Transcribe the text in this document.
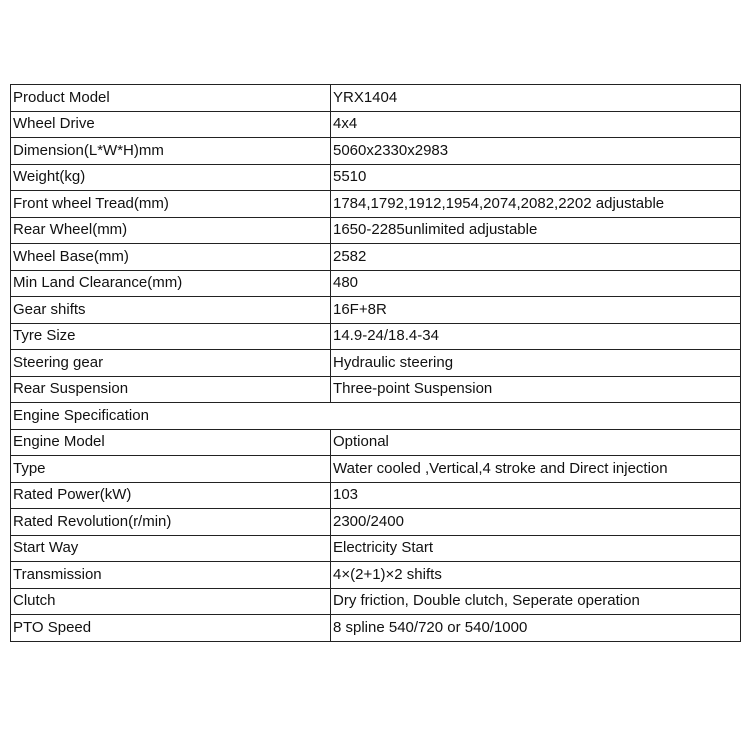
Product Model	YRX1404
Wheel Drive	4x4
Dimension(L*W*H)mm	5060x2330x2983
Weight(kg)	5510
Front wheel Tread(mm)	1784,1792,1912,1954,2074,2082,2202 adjustable
Rear Wheel(mm)	1650-2285unlimited adjustable
Wheel Base(mm)	2582
Min Land Clearance(mm)	480
Gear shifts	16F+8R
Tyre Size	14.9-24/18.4-34
Steering gear	Hydraulic steering
Rear Suspension	Three-point Suspension
Engine Specification	
Engine Model	Optional
Type	Water cooled ,Vertical,4 stroke and Direct injection
Rated Power(kW)	103
Rated Revolution(r/min)	2300/2400
Start Way	Electricity Start
Transmission	4×(2+1)×2 shifts
Clutch	Dry friction, Double clutch, Seperate operation
PTO Speed	8 spline 540/720 or 540/1000
